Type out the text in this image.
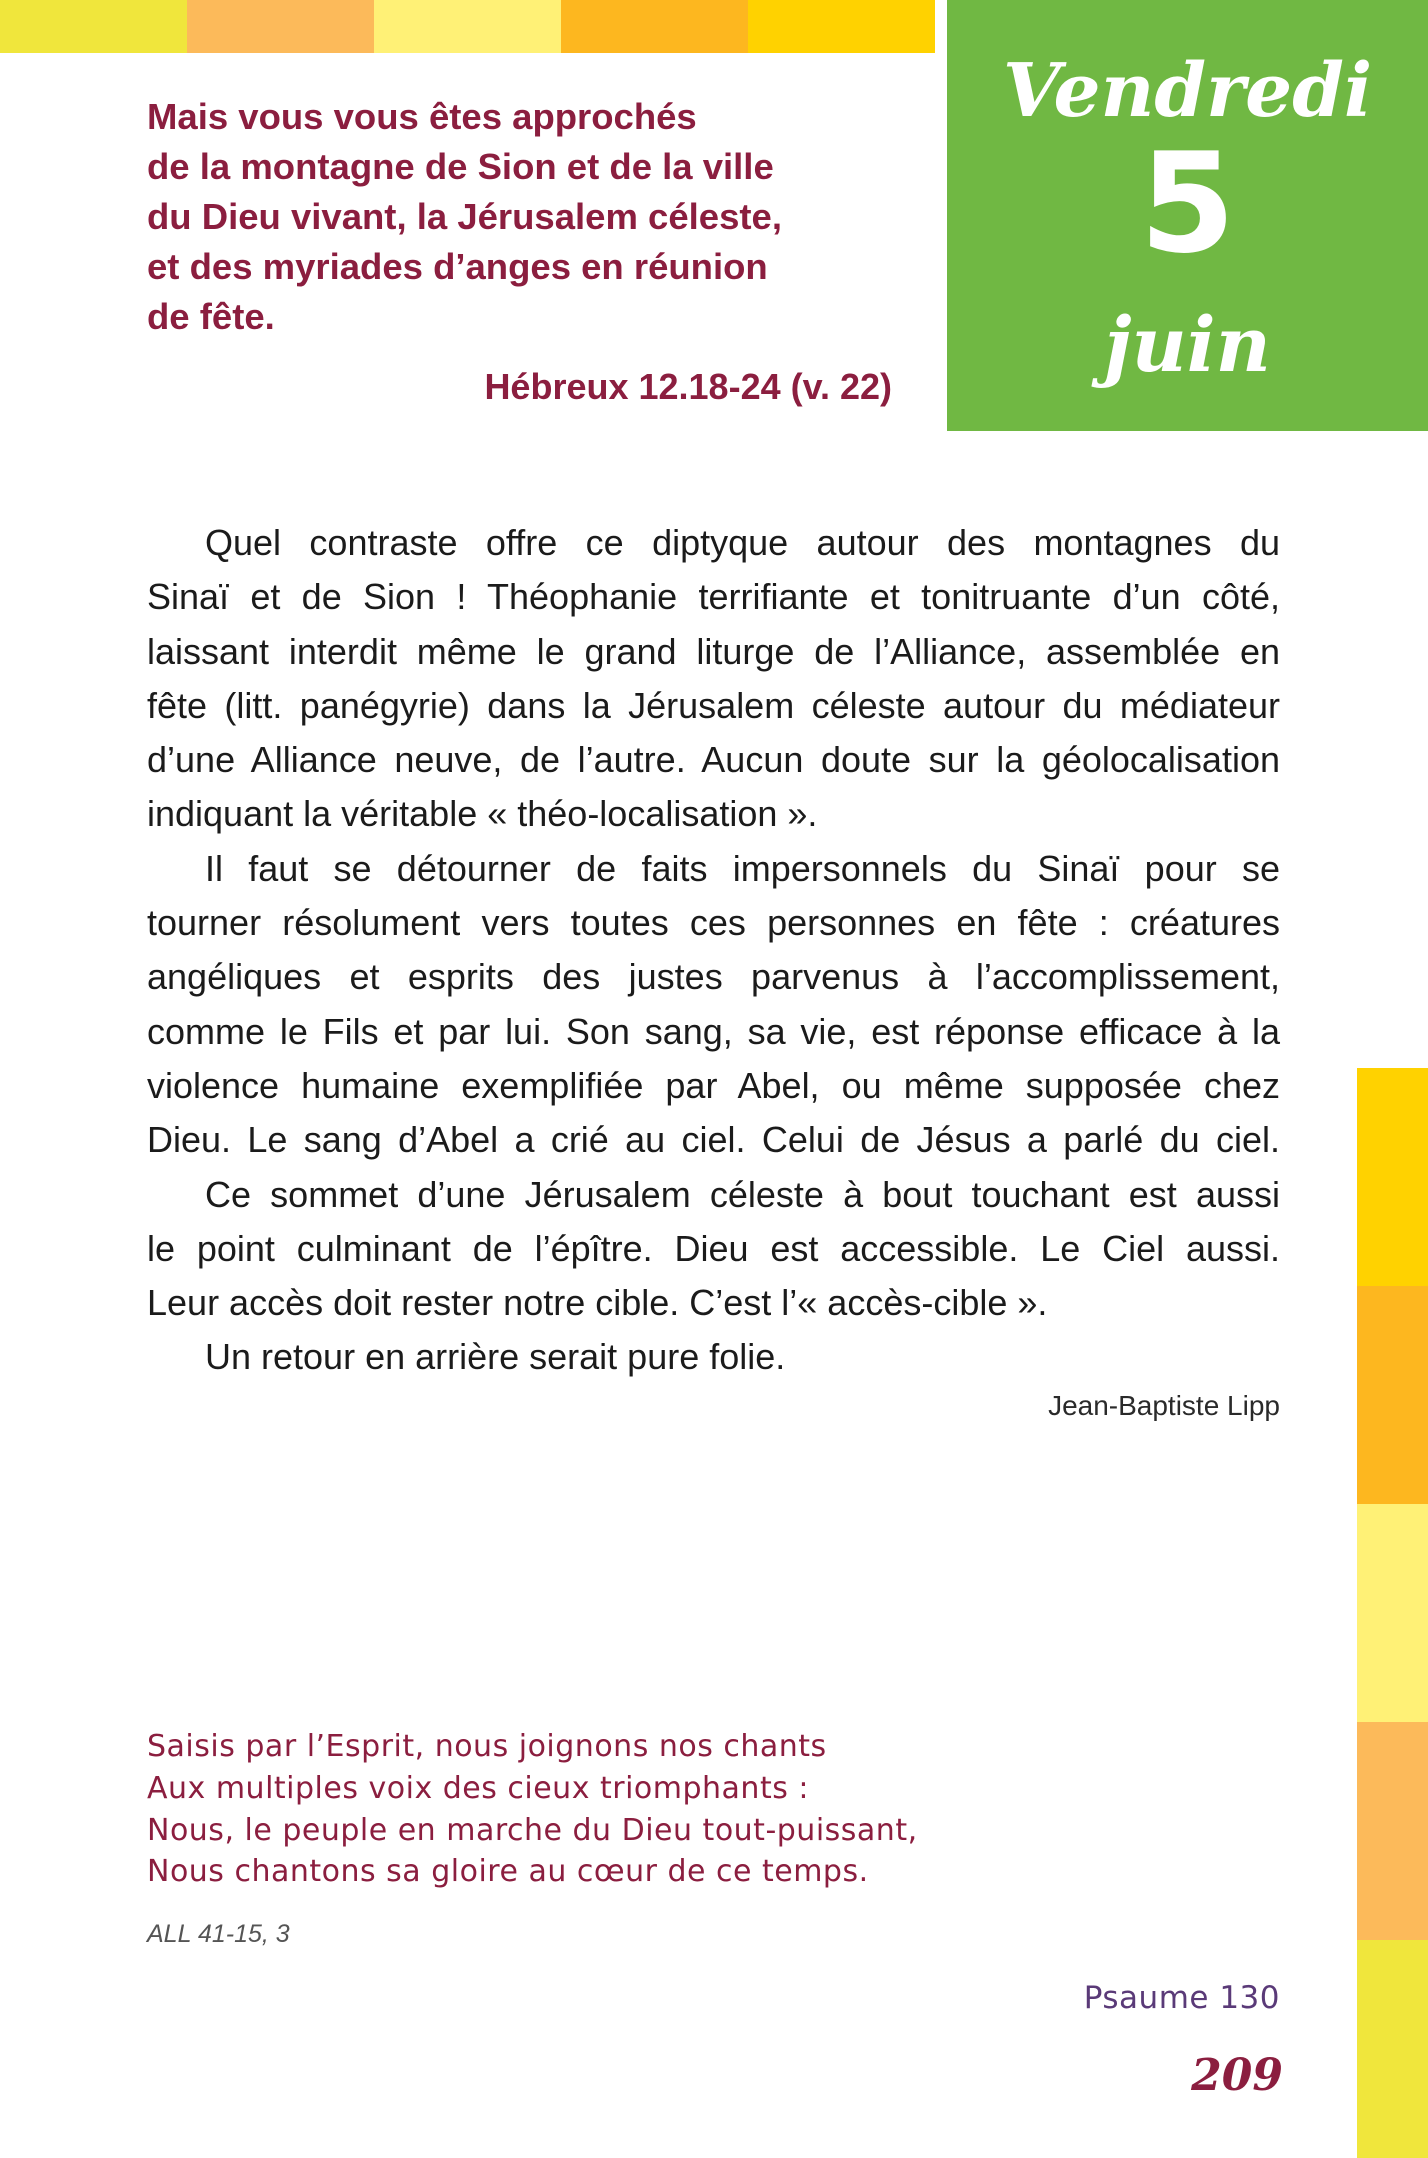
Vendredi
5
juin
Mais vous vous êtes approchés
de la montagne de Sion et de la ville
du Dieu vivant, la Jérusalem céleste,
et des myriades d’anges en réunion
de fête.
Hébreux 12.18-24 (v. 22)
Quel contraste offre ce diptyque autour des montagnes du
Sinaï et de Sion ! Théophanie terrifiante et tonitruante d’un côté,
laissant interdit même le grand liturge de l’Alliance, assemblée en
fête (litt. panégyrie) dans la Jérusalem céleste autour du médiateur
d’une Alliance neuve, de l’autre. Aucun doute sur la géolocalisation
indiquant la véritable « théo-localisation ».
Il faut se détourner de faits impersonnels du Sinaï pour se
tourner résolument vers toutes ces personnes en fête : créatures
angéliques et esprits des justes parvenus à l’accomplissement,
comme le Fils et par lui. Son sang, sa vie, est réponse efficace à la
violence humaine exemplifiée par Abel, ou même supposée chez
Dieu. Le sang d’Abel a crié au ciel. Celui de Jésus a parlé du ciel.
Ce sommet d’une Jérusalem céleste à bout touchant est aussi
le point culminant de l’épître. Dieu est accessible. Le Ciel aussi.
Leur accès doit rester notre cible. C’est l’« accès-cible ».
Un retour en arrière serait pure folie.
Jean-Baptiste Lipp
Saisis par l’Esprit, nous joignons nos chants
Aux multiples voix des cieux triomphants :
Nous, le peuple en marche du Dieu tout-puissant,
Nous chantons sa gloire au cœur de ce temps.
ALL 41-15, 3
Psaume 130
209
